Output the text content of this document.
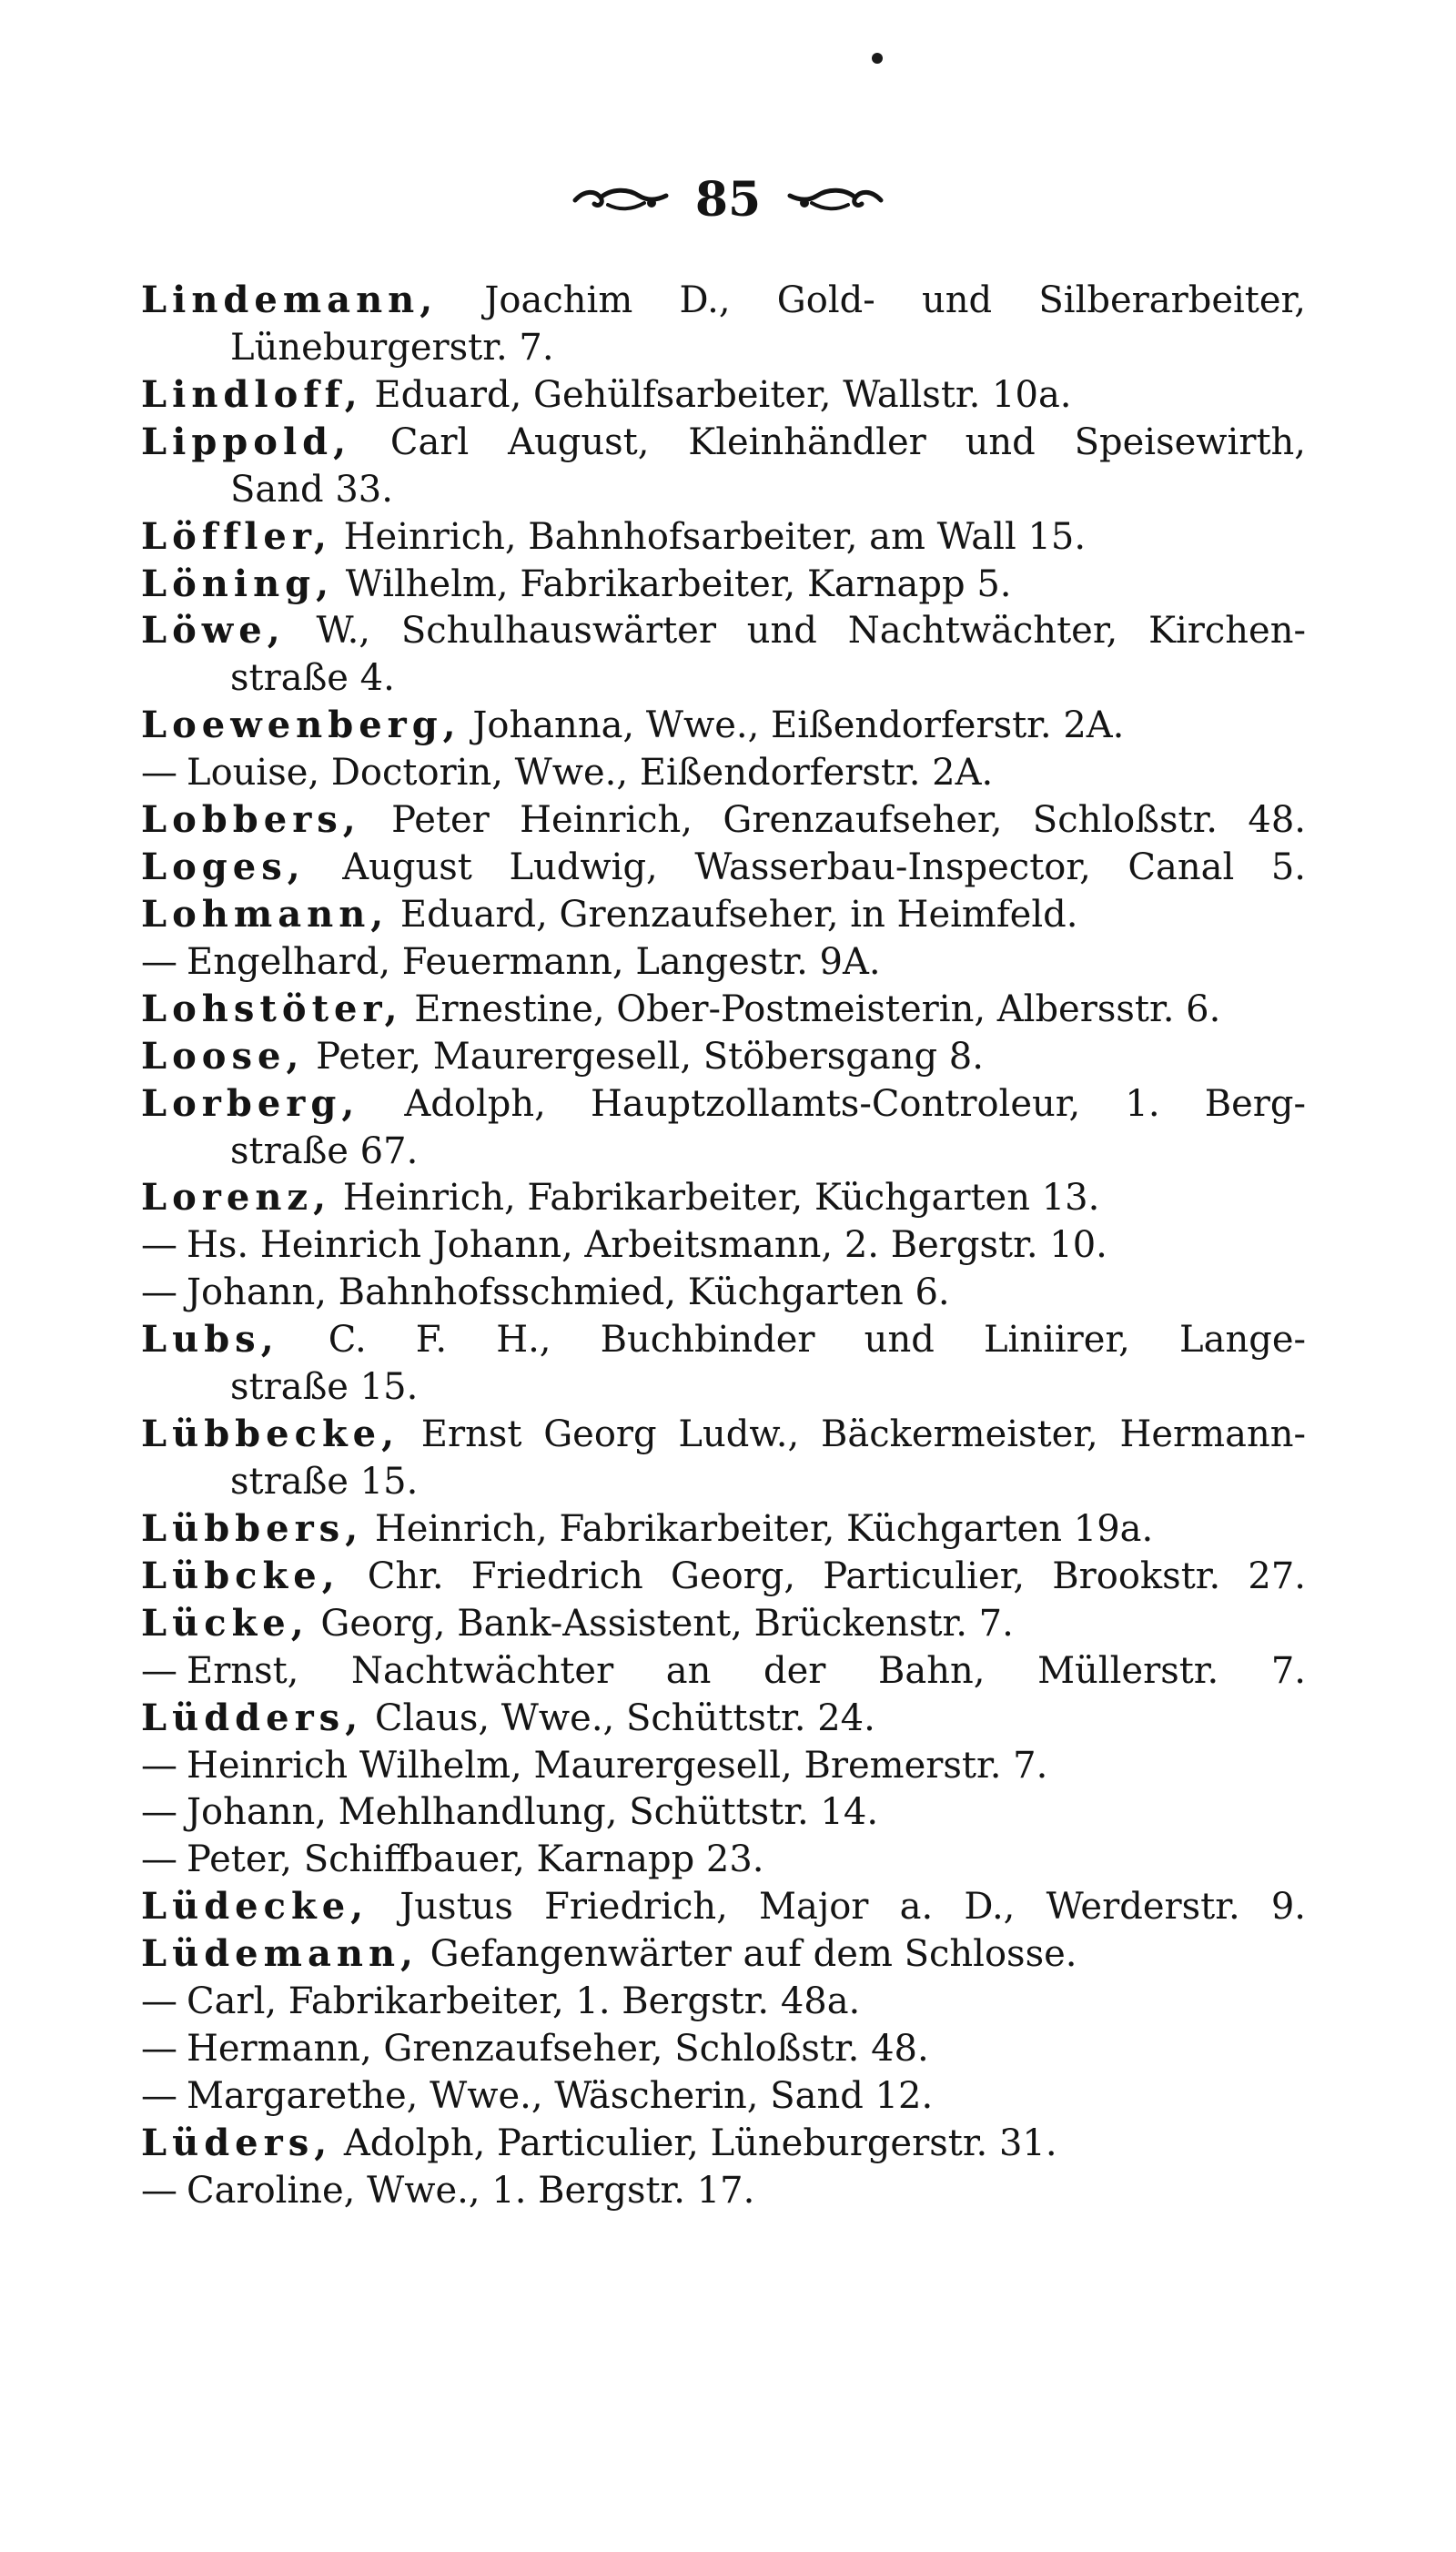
85
Lindemann, Joachim D., Gold- und Silberarbeiter,
Lüneburgerstr. 7.
Lindloff, Eduard, Gehülfsarbeiter, Wallstr. 10a.
Lippold, Carl August, Kleinhändler und Speisewirth,
Sand 33.
Löffler, Heinrich, Bahnhofsarbeiter, am Wall 15.
Löning, Wilhelm, Fabrikarbeiter, Karnapp 5.
Löwe, W., Schulhauswärter und Nachtwächter, Kirchen-
straße 4.
Loewenberg, Johanna, Wwe., Eißendorferstr. 2A.
— Louise, Doctorin, Wwe., Eißendorferstr. 2A.
Lobbers, Peter Heinrich, Grenzaufseher, Schloßstr. 48.
Loges, August Ludwig, Wasserbau-Inspector, Canal 5.
Lohmann, Eduard, Grenzaufseher, in Heimfeld.
— Engelhard, Feuermann, Langestr. 9A.
Lohstöter, Ernestine, Ober-Postmeisterin, Albersstr. 6.
Loose, Peter, Maurergesell, Stöbersgang 8.
Lorberg, Adolph, Hauptzollamts-Controleur, 1. Berg-
straße 67.
Lorenz, Heinrich, Fabrikarbeiter, Küchgarten 13.
— Hs. Heinrich Johann, Arbeitsmann, 2. Bergstr. 10.
— Johann, Bahnhofsschmied, Küchgarten 6.
Lubs, C. F. H., Buchbinder und Liniirer, Lange-
straße 15.
Lübbecke, Ernst Georg Ludw., Bäckermeister, Hermann-
straße 15.
Lübbers, Heinrich, Fabrikarbeiter, Küchgarten 19a.
Lübcke, Chr. Friedrich Georg, Particulier, Brookstr. 27.
Lücke, Georg, Bank-Assistent, Brückenstr. 7.
— Ernst, Nachtwächter an der Bahn, Müllerstr. 7.
Lüdders, Claus, Wwe., Schüttstr. 24.
— Heinrich Wilhelm, Maurergesell, Bremerstr. 7.
— Johann, Mehlhandlung, Schüttstr. 14.
— Peter, Schiffbauer, Karnapp 23.
Lüdecke, Justus Friedrich, Major a. D., Werderstr. 9.
Lüdemann, Gefangenwärter auf dem Schlosse.
— Carl, Fabrikarbeiter, 1. Bergstr. 48a.
— Hermann, Grenzaufseher, Schloßstr. 48.
— Margarethe, Wwe., Wäscherin, Sand 12.
Lüders, Adolph, Particulier, Lüneburgerstr. 31.
— Caroline, Wwe., 1. Bergstr. 17.
